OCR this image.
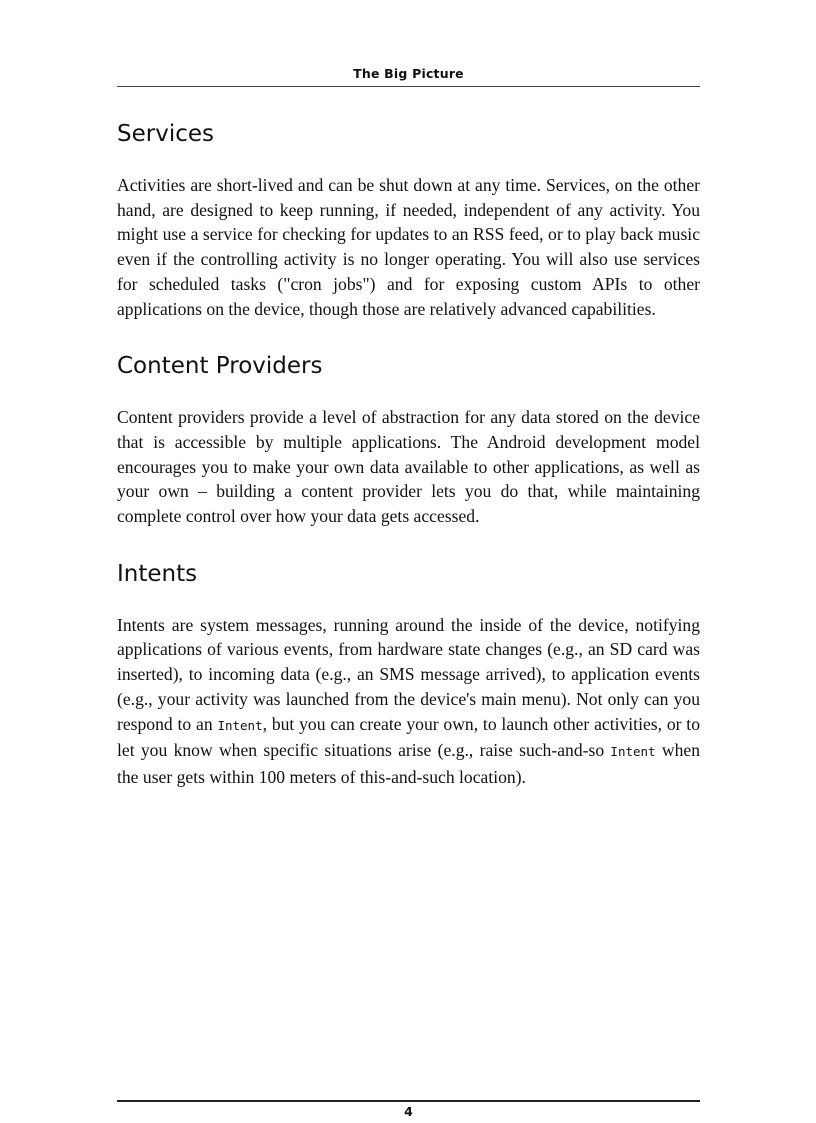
The Big Picture
Services

Activities are short-lived and can be shut down at any time. Services, on the other hand, are designed to keep running, if needed, independent of any activity. You might use a service for checking for updates to an RSS feed, or to play back music even if the controlling activity is no longer operating. You will also use services for scheduled tasks ("cron jobs") and for exposing custom APIs to other applications on the device, though those are relatively advanced capabilities.

Content Providers

Content providers provide a level of abstraction for any data stored on the device that is accessible by multiple applications. The Android development model encourages you to make your own data available to other applications, as well as your own – building a content provider lets you do that, while maintaining complete control over how your data gets accessed.

Intents

Intents are system messages, running around the inside of the device, notifying applications of various events, from hardware state changes (e.g., an SD card was inserted), to incoming data (e.g., an SMS message arrived), to application events (e.g., your activity was launched from the device's main menu). Not only can you respond to an Intent, but you can create your own, to launch other activities, or to let you know when specific situations arise (e.g., raise such-and-so Intent when the user gets within 100 meters of this-and-such location).

4
